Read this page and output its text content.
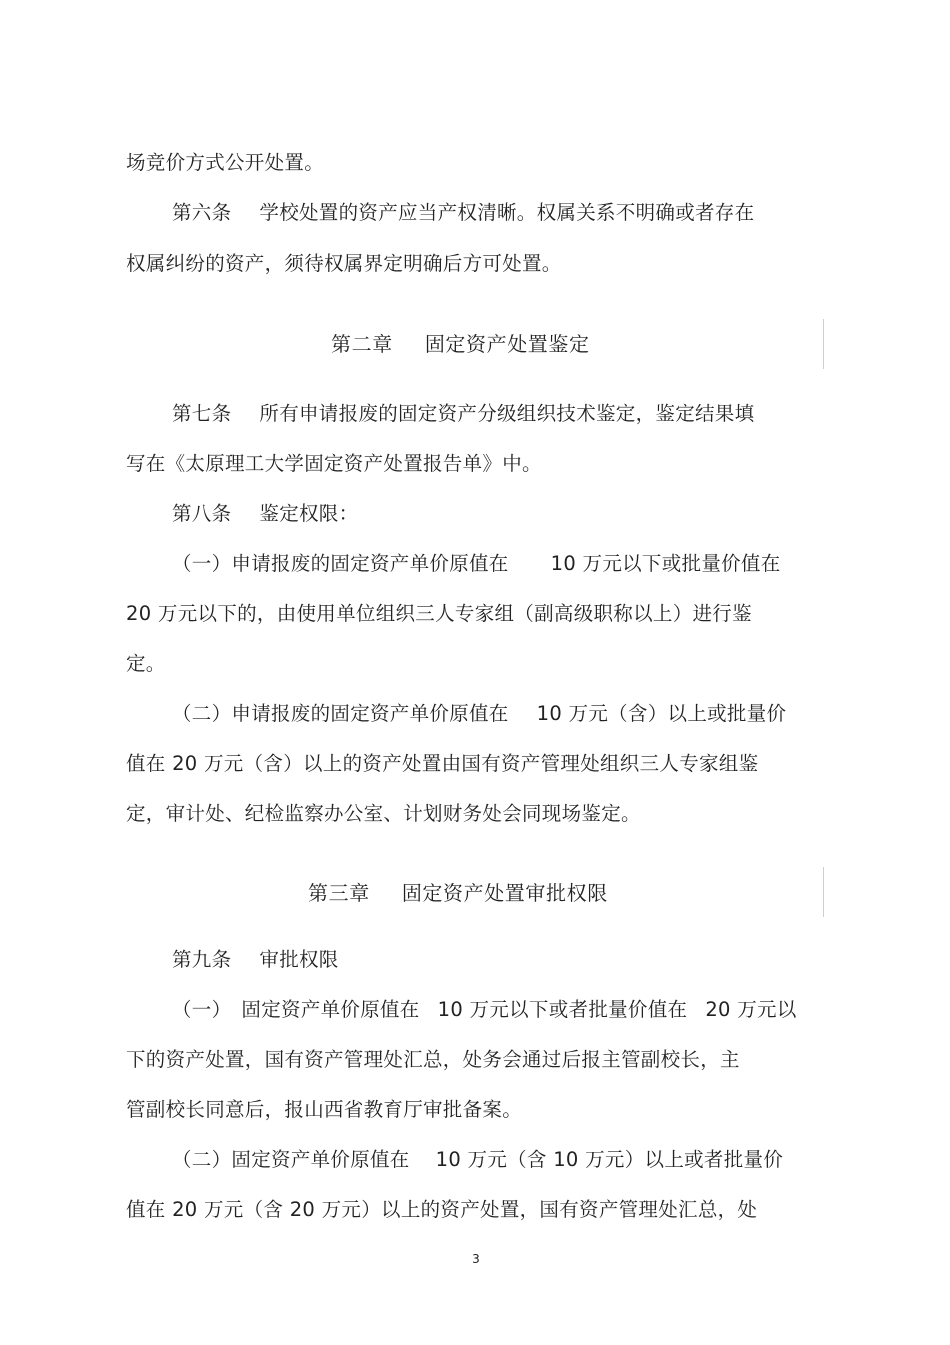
场竞价方式公开处置。
第六条 学校处置的资产应当产权清晰。权属关系不明确或者存在
权属纠纷的资产，须待权属界定明确后方可处置。
第二章 固定资产处置鉴定
第七条 所有申请报废的固定资产分级组织技术鉴定，鉴定结果填
写在《太原理工大学固定资产处置报告单》中。
第八条 鉴定权限：
（一）申请报废的固定资产单价原值在 10 万元以下或批量价值在
20 万元以下的，由使用单位组织三人专家组（副高级职称以上）进行鉴
定。
（二）申请报废的固定资产单价原值在 10 万元（含）以上或批量价
值在 20 万元（含）以上的资产处置由国有资产管理处组织三人专家组鉴
定，审计处、纪检监察办公室、计划财务处会同现场鉴定。
第三章 固定资产处置审批权限
第九条 审批权限
（一） 固定资产单价原值在 10 万元以下或者批量价值在 20 万元以
下的资产处置，国有资产管理处汇总，处务会通过后报主管副校长，主
管副校长同意后，报山西省教育厅审批备案。
（二）固定资产单价原值在 10 万元（含 10 万元）以上或者批量价
值在 20 万元（含 20 万元）以上的资产处置，国有资产管理处汇总，处
3
